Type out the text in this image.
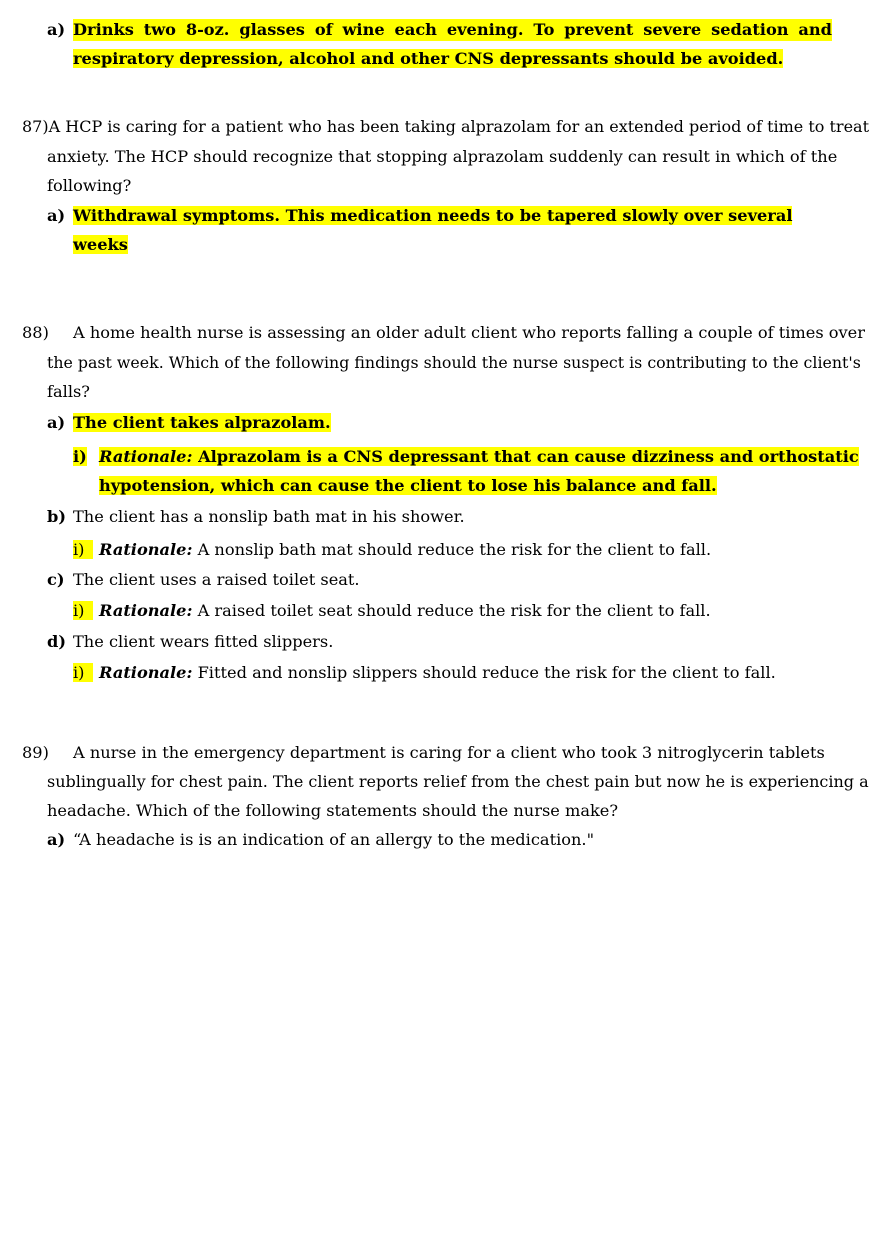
a) Drinks two 8-oz. glasses of wine each evening. To prevent severe sedation and
respiratory depression, alcohol and other CNS depressants should be avoided.
87)A HCP is caring for a patient who has been taking alprazolam for an extended period of time to treat
anxiety. The HCP should recognize that stopping alprazolam suddenly can result in which of the
following?
a) Withdrawal symptoms. This medication needs to be tapered slowly over several
weeks
88) A home health nurse is assessing an older adult client who reports falling a couple of times over
the past week. Which of the following findings should the nurse suspect is contributing to the client's
falls?
a) The client takes alprazolam.
i) Rationale: Alprazolam is a CNS depressant that can cause dizziness and orthostatic
hypotension, which can cause the client to lose his balance and fall.
b) The client has a nonslip bath mat in his shower.
i) Rationale: A nonslip bath mat should reduce the risk for the client to fall.
c) The client uses a raised toilet seat.
i) Rationale: A raised toilet seat should reduce the risk for the client to fall.
d) The client wears fitted slippers.
i) Rationale: Fitted and nonslip slippers should reduce the risk for the client to fall.
89) A nurse in the emergency department is caring for a client who took 3 nitroglycerin tablets
sublingually for chest pain. The client reports relief from the chest pain but now he is experiencing a
headache. Which of the following statements should the nurse make?
a) “A headache is is an indication of an allergy to the medication."
